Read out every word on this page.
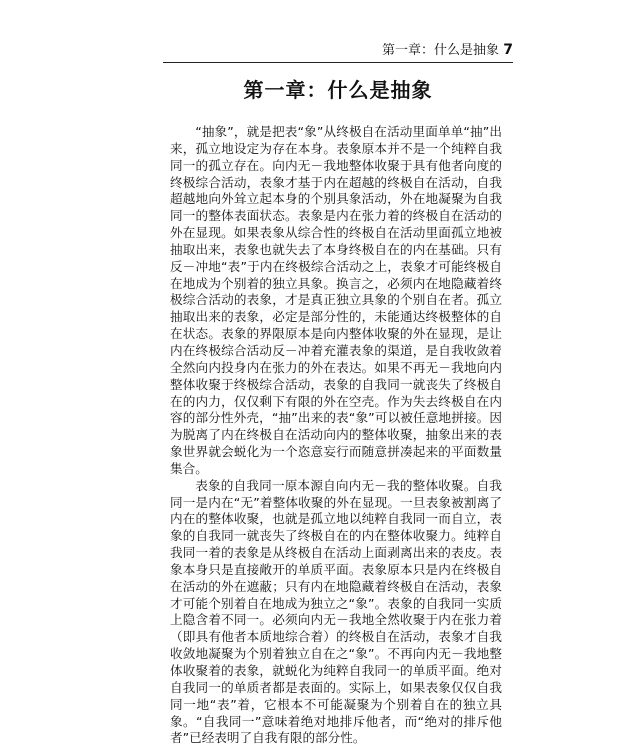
第一章：什么是抽象 7
第一章：什么是抽象

“抽象”，就是把表“象”从终极自在活动里面单单“抽”出来，孤立地设定为存在本身。表象原本并不是一个纯粹自我同一的孤立存在。向内无－我地整体收聚于具有他者向度的终极综合活动，表象才基于内在超越的终极自在活动，自我超越地向外耸立起本身的个别具象活动，外在地凝聚为自我同一的整体表面状态。表象是内在张力着的终极自在活动的外在显现。如果表象从综合性的终极自在活动里面孤立地被抽取出来，表象也就失去了本身终极自在的内在基础。只有反－冲地“表”于内在终极综合活动之上，表象才可能终极自在地成为个别着的独立具象。换言之，必须内在地隐藏着终极综合活动的表象，才是真正独立具象的个别自在者。孤立抽取出来的表象，必定是部分性的，未能通达终极整体的自在状态。表象的界限原本是向内整体收聚的外在显现，是让内在终极综合活动反－冲着充灌表象的渠道，是自我收敛着全然向内投身内在张力的外在表达。如果不再无－我地向内整体收聚于终极综合活动，表象的自我同一就丧失了终极自在的内力，仅仅剩下有限的外在空壳。作为失去终极自在内容的部分性外壳，“抽”出来的表“象”可以被任意地拼接。因为脱离了内在终极自在活动向内的整体收聚，抽象出来的表象世界就会蜕化为一个恣意妄行而随意拼凑起来的平面数量集合。

表象的自我同一原本源自向内无－我的整体收聚。自我同一是内在“无”着整体收聚的外在显现。一旦表象被割离了内在的整体收聚，也就是孤立地以纯粹自我同一而自立，表象的自我同一就丧失了终极自在的内在整体收聚力。纯粹自我同一着的表象是从终极自在活动上面剥离出来的表皮。表象本身只是直接敞开的单质平面。表象原本只是内在终极自在活动的外在遮蔽；只有内在地隐藏着终极自在活动，表象才可能个别着自在地成为独立之“象”。表象的自我同一实质上隐含着不同一。必须向内无－我地全然收聚于内在张力着（即具有他者本质地综合着）的终极自在活动，表象才自我收敛地凝聚为个别着独立自在之“象”。不再向内无－我地整体收聚着的表象，就蜕化为纯粹自我同一的单质平面。绝对自我同一的单质者都是表面的。实际上，如果表象仅仅自我同一地“表”着，它根本不可能凝聚为个别着自在的独立具象。“自我同一”意味着绝对地排斥他者，而“绝对的排斥他者”已经表明了自我有限的部分性。
